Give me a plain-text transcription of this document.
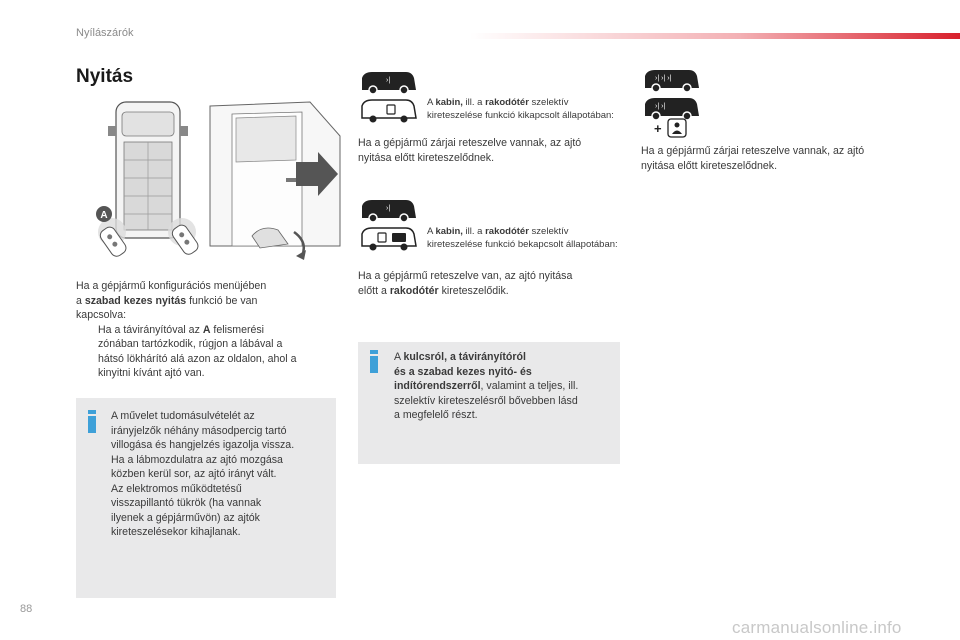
Nyílászárók
Nyitás
A
Ha a gépjármű konfigurációs menüjében
a szabad kezes nyitás funkció be van
kapcsolva:
Ha a távirányítóval az A felismerési
zónában tartózkodik, rúgjon a lábával a
hátsó lökhárító alá azon az oldalon, ahol a
kinyitni kívánt ajtó van.
A művelet tudomásulvételét az
irányjelzők néhány másodpercig tartó
villogása és hangjelzés igazolja vissza.
Ha a lábmozdulatra az ajtó mozgása
közben kerül sor, az ajtó irányt vált.
Az elektromos működtetésű
visszapillantó tükrök (ha vannak
ilyenek a gépjárművön) az ajtók
kireteszelésekor kihajlanak.
›|
A kabin, ill. a rakodótér szelektív
kireteszelése funkció kikapcsolt állapotában:
Ha a gépjármű zárjai reteszelve vannak, az ajtó
nyitása előtt kireteszelődnek.
›|
A kabin, ill. a rakodótér szelektív
kireteszelése funkció bekapcsolt állapotában:
Ha a gépjármű reteszelve van, az ajtó nyitása
előtt a rakodótér kireteszelődik.
A kulcsról, a távirányítóról
és a szabad kezes nyitó- és
indítórendszerről, valamint a teljes, ill.
szelektív kireteszelésről bővebben lásd
a megfelelő részt.
›| ›| ›|
›| ›|
+
Ha a gépjármű zárjai reteszelve vannak, az ajtó
nyitása előtt kireteszelődnek.
88
carmanualsonline.info
